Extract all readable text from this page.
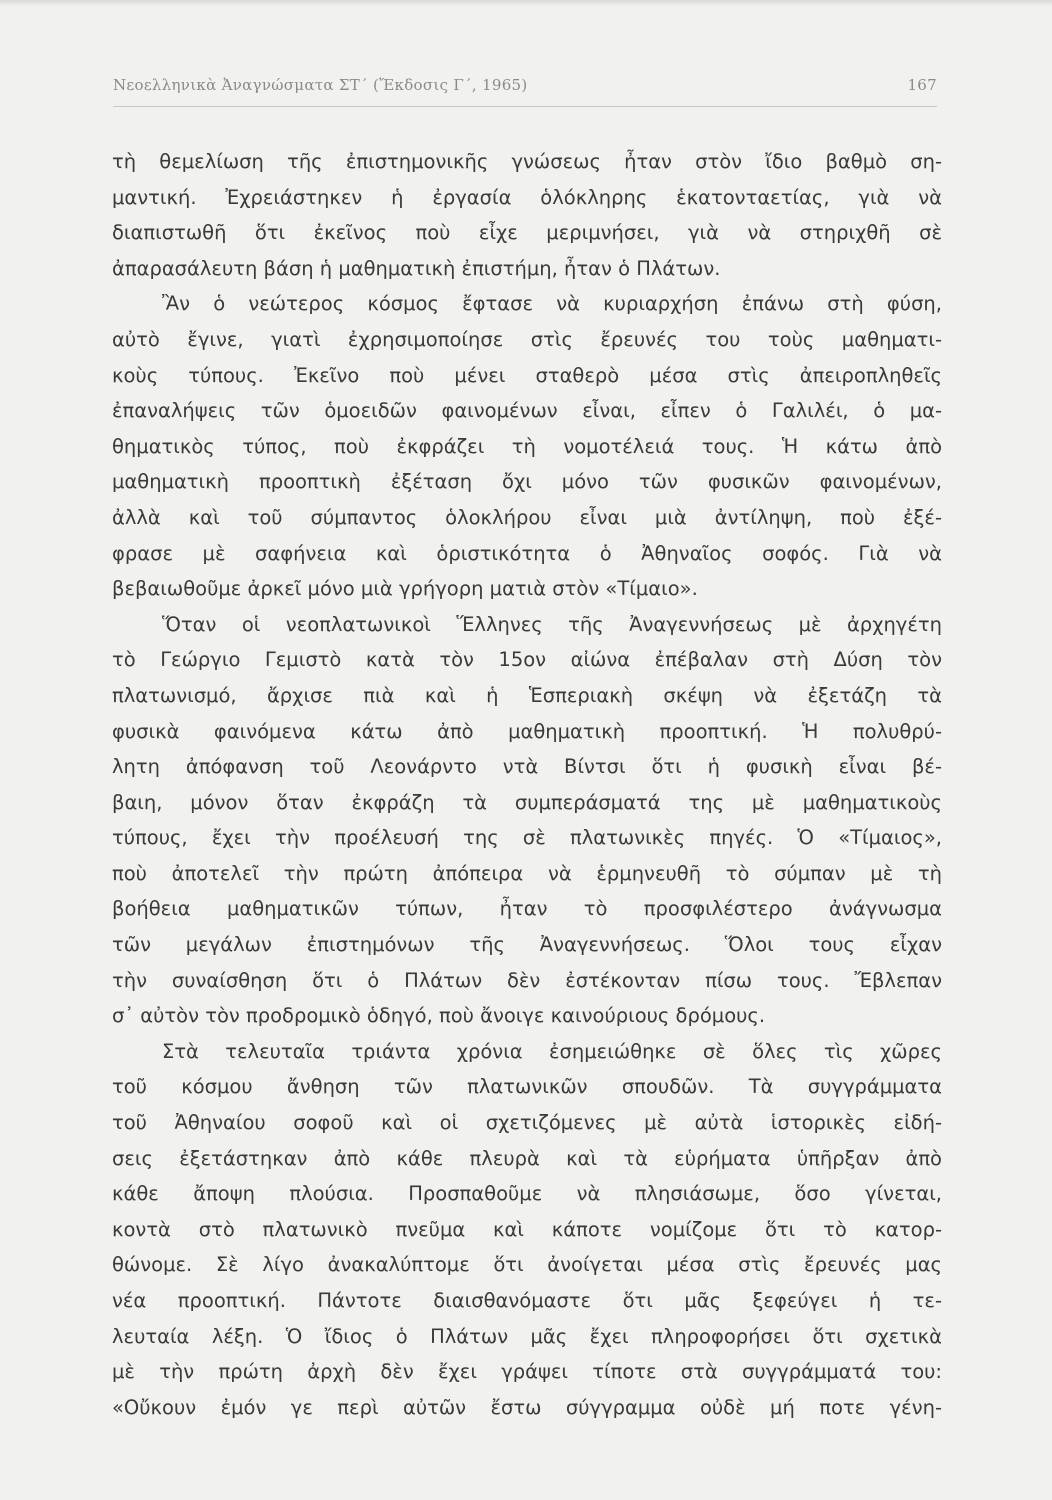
Νεοελληνικὰ Ἀναγνώσματα ΣΤ΄ (Ἔκδοσις Γ΄, 1965)	167
τὴ θεμελίωση τῆς ἐπιστημονικῆς γνώσεως ἦταν στὸν ἴδιο βαθμὸ ση-
μαντική. Ἐχρειάστηκεν ἡ ἐργασία ὁλόκληρης ἑκατονταετίας, γιὰ νὰ
διαπιστωθῆ ὅτι ἐκεῖνος ποὺ εἶχε μεριμνήσει, γιὰ νὰ στηριχθῆ σὲ
ἀπαρασάλευτη βάση ἡ μαθηματικὴ ἐπιστήμη, ἦταν ὁ Πλάτων.
Ἂν ὁ νεώτερος κόσμος ἔφτασε νὰ κυριαρχήση ἐπάνω στὴ φύση,
αὐτὸ ἔγινε, γιατὶ ἐχρησιμοποίησε στὶς ἔρευνές του τοὺς μαθηματι-
κοὺς τύπους. Ἐκεῖνο ποὺ μένει σταθερὸ μέσα στὶς ἀπειροπληθεῖς
ἐπαναλήψεις τῶν ὁμοειδῶν φαινομένων εἶναι, εἶπεν ὁ Γαλιλέι, ὁ μα-
θηματικὸς τύπος, ποὺ ἐκφράζει τὴ νομοτέλειά τους. Ἡ κάτω ἀπὸ
μαθηματικὴ προοπτικὴ ἐξέταση ὄχι μόνο τῶν φυσικῶν φαινομένων,
ἀλλὰ καὶ τοῦ σύμπαντος ὁλοκλήρου εἶναι μιὰ ἀντίληψη, ποὺ ἐξέ-
φρασε μὲ σαφήνεια καὶ ὁριστικότητα ὁ Ἀθηναῖος σοφός. Γιὰ νὰ
βεβαιωθοῦμε ἀρκεῖ μόνο μιὰ γρήγορη ματιὰ στὸν «Τίμαιο».
Ὅταν οἱ νεοπλατωνικοὶ Ἕλληνες τῆς Ἀναγεννήσεως μὲ ἀρχηγέτη
τὸ Γεώργιο Γεμιστὸ κατὰ τὸν 15ον αἰώνα ἐπέβαλαν στὴ Δύση τὸν
πλατωνισμό, ἄρχισε πιὰ καὶ ἡ Ἑσπεριακὴ σκέψη νὰ ἐξετάζη τὰ
φυσικὰ φαινόμενα κάτω ἀπὸ μαθηματικὴ προοπτική. Ἡ πολυθρύ-
λητη ἀπόφανση τοῦ Λεονάρντο ντὰ Βίντσι ὅτι ἡ φυσικὴ εἶναι βέ-
βαιη, μόνον ὅταν ἐκφράζη τὰ συμπεράσματά της μὲ μαθηματικοὺς
τύπους, ἔχει τὴν προέλευσή της σὲ πλατωνικὲς πηγές. Ὁ «Τίμαιος»,
ποὺ ἀποτελεῖ τὴν πρώτη ἀπόπειρα νὰ ἑρμηνευθῆ τὸ σύμπαν μὲ τὴ
βοήθεια μαθηματικῶν τύπων, ἦταν τὸ προσφιλέστερο ἀνάγνωσμα
τῶν μεγάλων ἐπιστημόνων τῆς Ἀναγεννήσεως. Ὅλοι τους εἶχαν
τὴν συναίσθηση ὅτι ὁ Πλάτων δὲν ἐστέκονταν πίσω τους. Ἔβλεπαν
σ᾿ αὐτὸν τὸν προδρομικὸ ὁδηγό, ποὺ ἄνοιγε καινούριους δρόμους.
Στὰ τελευταῖα τριάντα χρόνια ἐσημειώθηκε σὲ ὅλες τὶς χῶρες
τοῦ κόσμου ἄνθηση τῶν πλατωνικῶν σπουδῶν. Τὰ συγγράμματα
τοῦ Ἀθηναίου σοφοῦ καὶ οἱ σχετιζόμενες μὲ αὐτὰ ἱστορικὲς εἰδή-
σεις ἐξετάστηκαν ἀπὸ κάθε πλευρὰ καὶ τὰ εὑρήματα ὑπῆρξαν ἀπὸ
κάθε ἄποψη πλούσια. Προσπαθοῦμε νὰ πλησιάσωμε, ὅσο γίνεται,
κοντὰ στὸ πλατωνικὸ πνεῦμα καὶ κάποτε νομίζομε ὅτι τὸ κατορ-
θώνομε. Σὲ λίγο ἀνακαλύπτομε ὅτι ἀνοίγεται μέσα στὶς ἔρευνές μας
νέα προοπτική. Πάντοτε διαισθανόμαστε ὅτι μᾶς ξεφεύγει ἡ τε-
λευταία λέξη. Ὁ ἴδιος ὁ Πλάτων μᾶς ἔχει πληροφορήσει ὅτι σχετικὰ
μὲ τὴν πρώτη ἀρχὴ δὲν ἔχει γράψει τίποτε στὰ συγγράμματά του:
«Οὔκουν ἐμόν γε περὶ αὐτῶν ἔστω σύγγραμμα οὐδὲ μή ποτε γένη-
